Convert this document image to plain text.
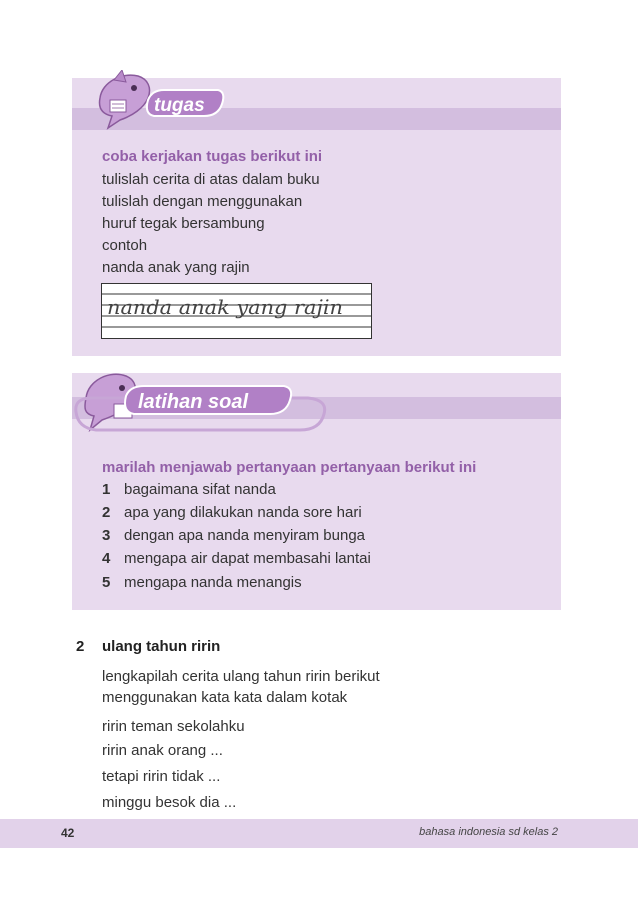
tugas
coba kerjakan tugas berikut ini
tulislah cerita di atas dalam buku
tulislah dengan menggunakan
huruf tegak bersambung
contoh
nanda anak yang rajin
nanda anak yang rajin
latihan soal
marilah menjawab pertanyaan pertanyaan berikut ini
1 bagaimana sifat nanda
2 apa yang dilakukan nanda sore hari
3 dengan apa nanda menyiram bunga
4 mengapa air dapat membasahi lantai
5 mengapa nanda menangis
2 ulang tahun ririn
lengkapilah cerita ulang tahun ririn berikut
menggunakan kata kata dalam kotak
ririn teman sekolahku
ririn anak orang ...
tetapi ririn tidak ...
minggu besok dia ...
42	bahasa indonesia sd kelas 2
